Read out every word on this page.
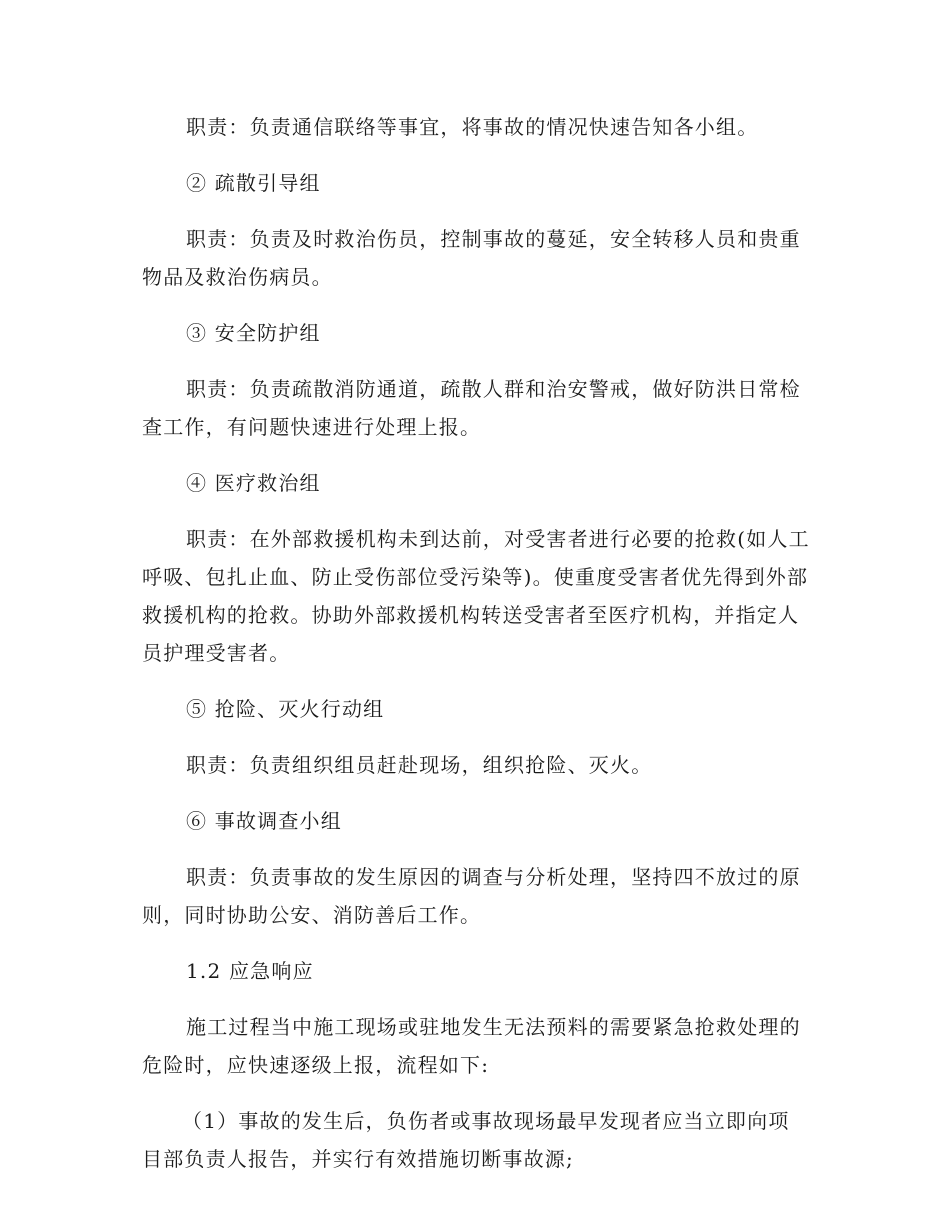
职责：负责通信联络等事宜，将事故的情况快速告知各小组。

② 疏散引导组

职责：负责及时救治伤员，控制事故的蔓延，安全转移人员和贵重物品及救治伤病员。

③ 安全防护组

职责：负责疏散消防通道，疏散人群和治安警戒，做好防洪日常检查工作，有问题快速进行处理上报。

④ 医疗救治组

职责：在外部救援机构未到达前，对受害者进行必要的抢救(如人工呼吸、包扎止血、防止受伤部位受污染等)。使重度受害者优先得到外部救援机构的抢救。协助外部救援机构转送受害者至医疗机构，并指定人员护理受害者。

⑤ 抢险、灭火行动组

职责：负责组织组员赶赴现场，组织抢险、灭火。

⑥ 事故调查小组

职责：负责事故的发生原因的调查与分析处理，坚持四不放过的原则，同时协助公安、消防善后工作。

1.2 应急响应

施工过程当中施工现场或驻地发生无法预料的需要紧急抢救处理的危险时，应快速逐级上报，流程如下:

（1）事故的发生后，负伤者或事故现场最早发现者应当立即向项目部负责人报告，并实行有效措施切断事故源;
